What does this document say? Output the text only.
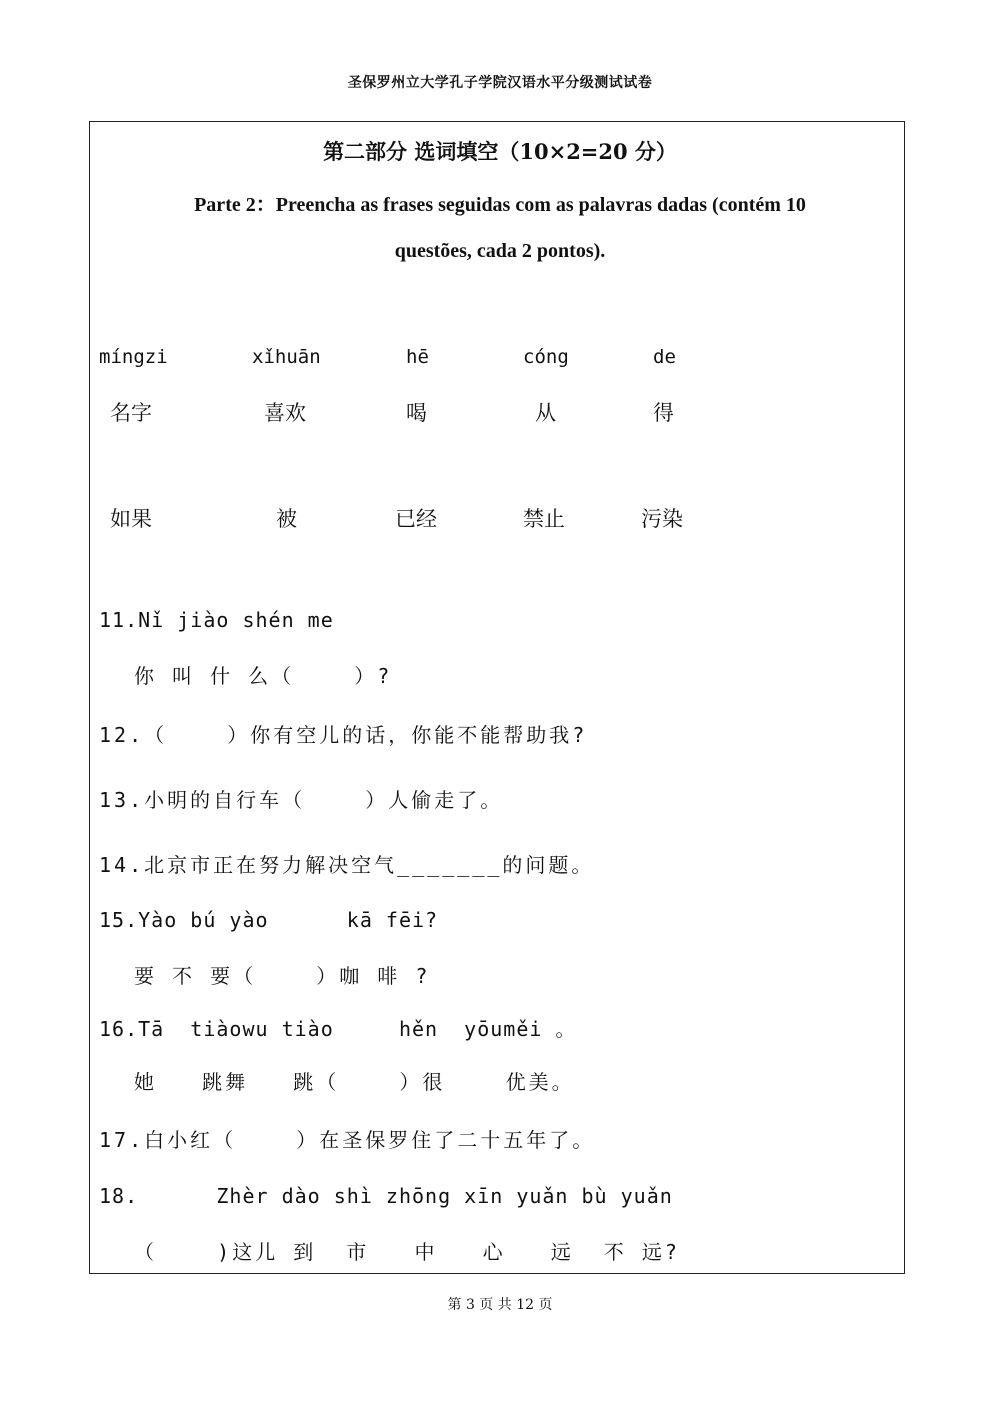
圣保罗州立大学孔子学院汉语水平分级测试试卷
第二部分 选词填空（10×2=20 分）
Parte 2：Preencha as frases seguidas com as palavras dadas (contém 10
questões, cada 2 pontos).
míngzi	xǐhuān	hē	cóng	de
名字	喜欢	喝	从	得
如果	被	已经	禁止	污染
11.Nǐ jiào shén me
你 叫 什 么（    ）?
12.（    ）你有空儿的话，你能不能帮助我?
13.小明的自行车（    ）人偷走了。
14.北京市正在努力解决空气_______的问题。
15.Yào bú yào      kā fēi?
要 不 要（    ）咖 啡 ?
16.Tā  tiàowu tiào     hěn  yōuměi 。
她   跳舞   跳（    ）很    优美。
17.白小红（    ）在圣保罗住了二十五年了。
18.      Zhèr dào shì zhōng xīn yuǎn bù yuǎn
（    )这儿 到  市   中   心   远  不 远?
第 3 页 共 12 页
